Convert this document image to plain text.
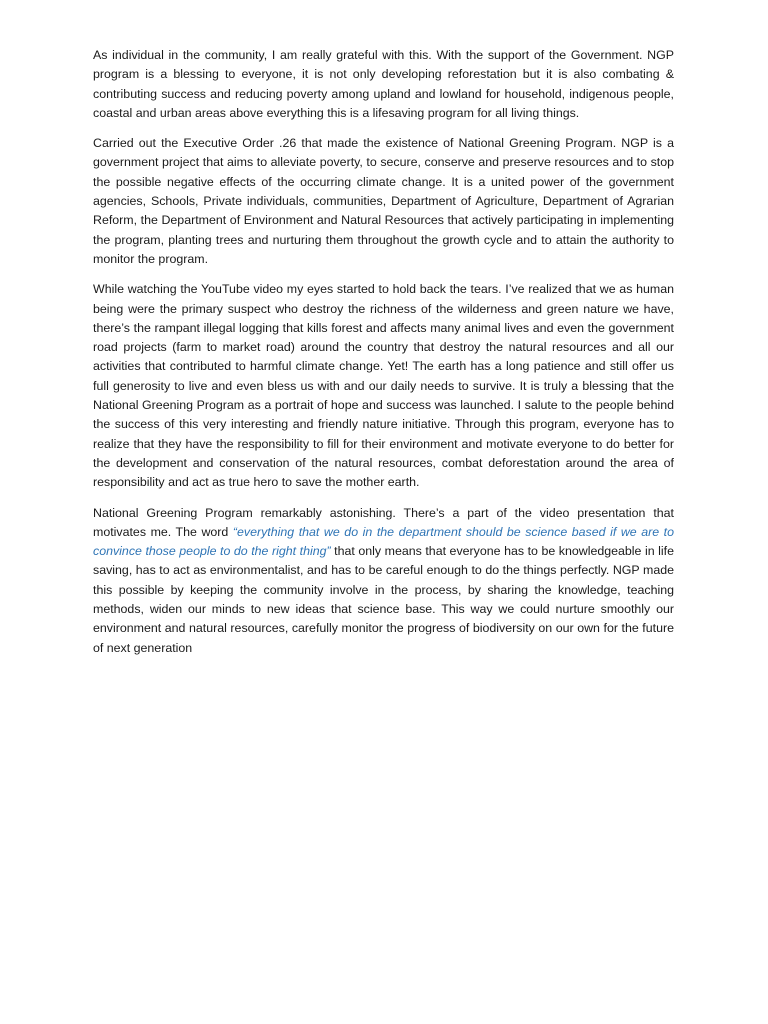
As individual in the community, I am really grateful with this. With the support of the Government. NGP program is a blessing to everyone, it is not only developing reforestation but it is also combating & contributing success and reducing poverty among upland and lowland for household, indigenous people, coastal and urban areas above everything this is a lifesaving program for all living things.

Carried out the Executive Order .26 that made the existence of National Greening Program. NGP is a government project that aims to alleviate poverty, to secure, conserve and preserve resources and to stop the possible negative effects of the occurring climate change. It is a united power of the government agencies, Schools, Private individuals, communities, Department of Agriculture, Department of Agrarian Reform, the Department of Environment and Natural Resources that actively participating in implementing the program, planting trees and nurturing them throughout the growth cycle and to attain the authority to monitor the program.

While watching the YouTube video my eyes started to hold back the tears. I’ve realized that we as human being were the primary suspect who destroy the richness of the wilderness and green nature we have, there’s the rampant illegal logging that kills forest and affects many animal lives and even the government road projects (farm to market road) around the country that destroy the natural resources and all our activities that contributed to harmful climate change. Yet! The earth has a long patience and still offer us full generosity to live and even bless us with and our daily needs to survive. It is truly a blessing that the National Greening Program as a portrait of hope and success was launched. I salute to the people behind the success of this very interesting and friendly nature initiative. Through this program, everyone has to realize that they have the responsibility to fill for their environment and motivate everyone to do better for the development and conservation of the natural resources, combat deforestation around the area of responsibility and act as true hero to save the mother earth.

National Greening Program remarkably astonishing. There’s a part of the video presentation that motivates me. The word “everything that we do in the department should be science based if we are to convince those people to do the right thing” that only means that everyone has to be knowledgeable in life saving, has to act as environmentalist, and has to be careful enough to do the things perfectly. NGP made this possible by keeping the community involve in the process, by sharing the knowledge, teaching methods, widen our minds to new ideas that science base. This way we could nurture smoothly our environment and natural resources, carefully monitor the progress of biodiversity on our own for the future of next generation
